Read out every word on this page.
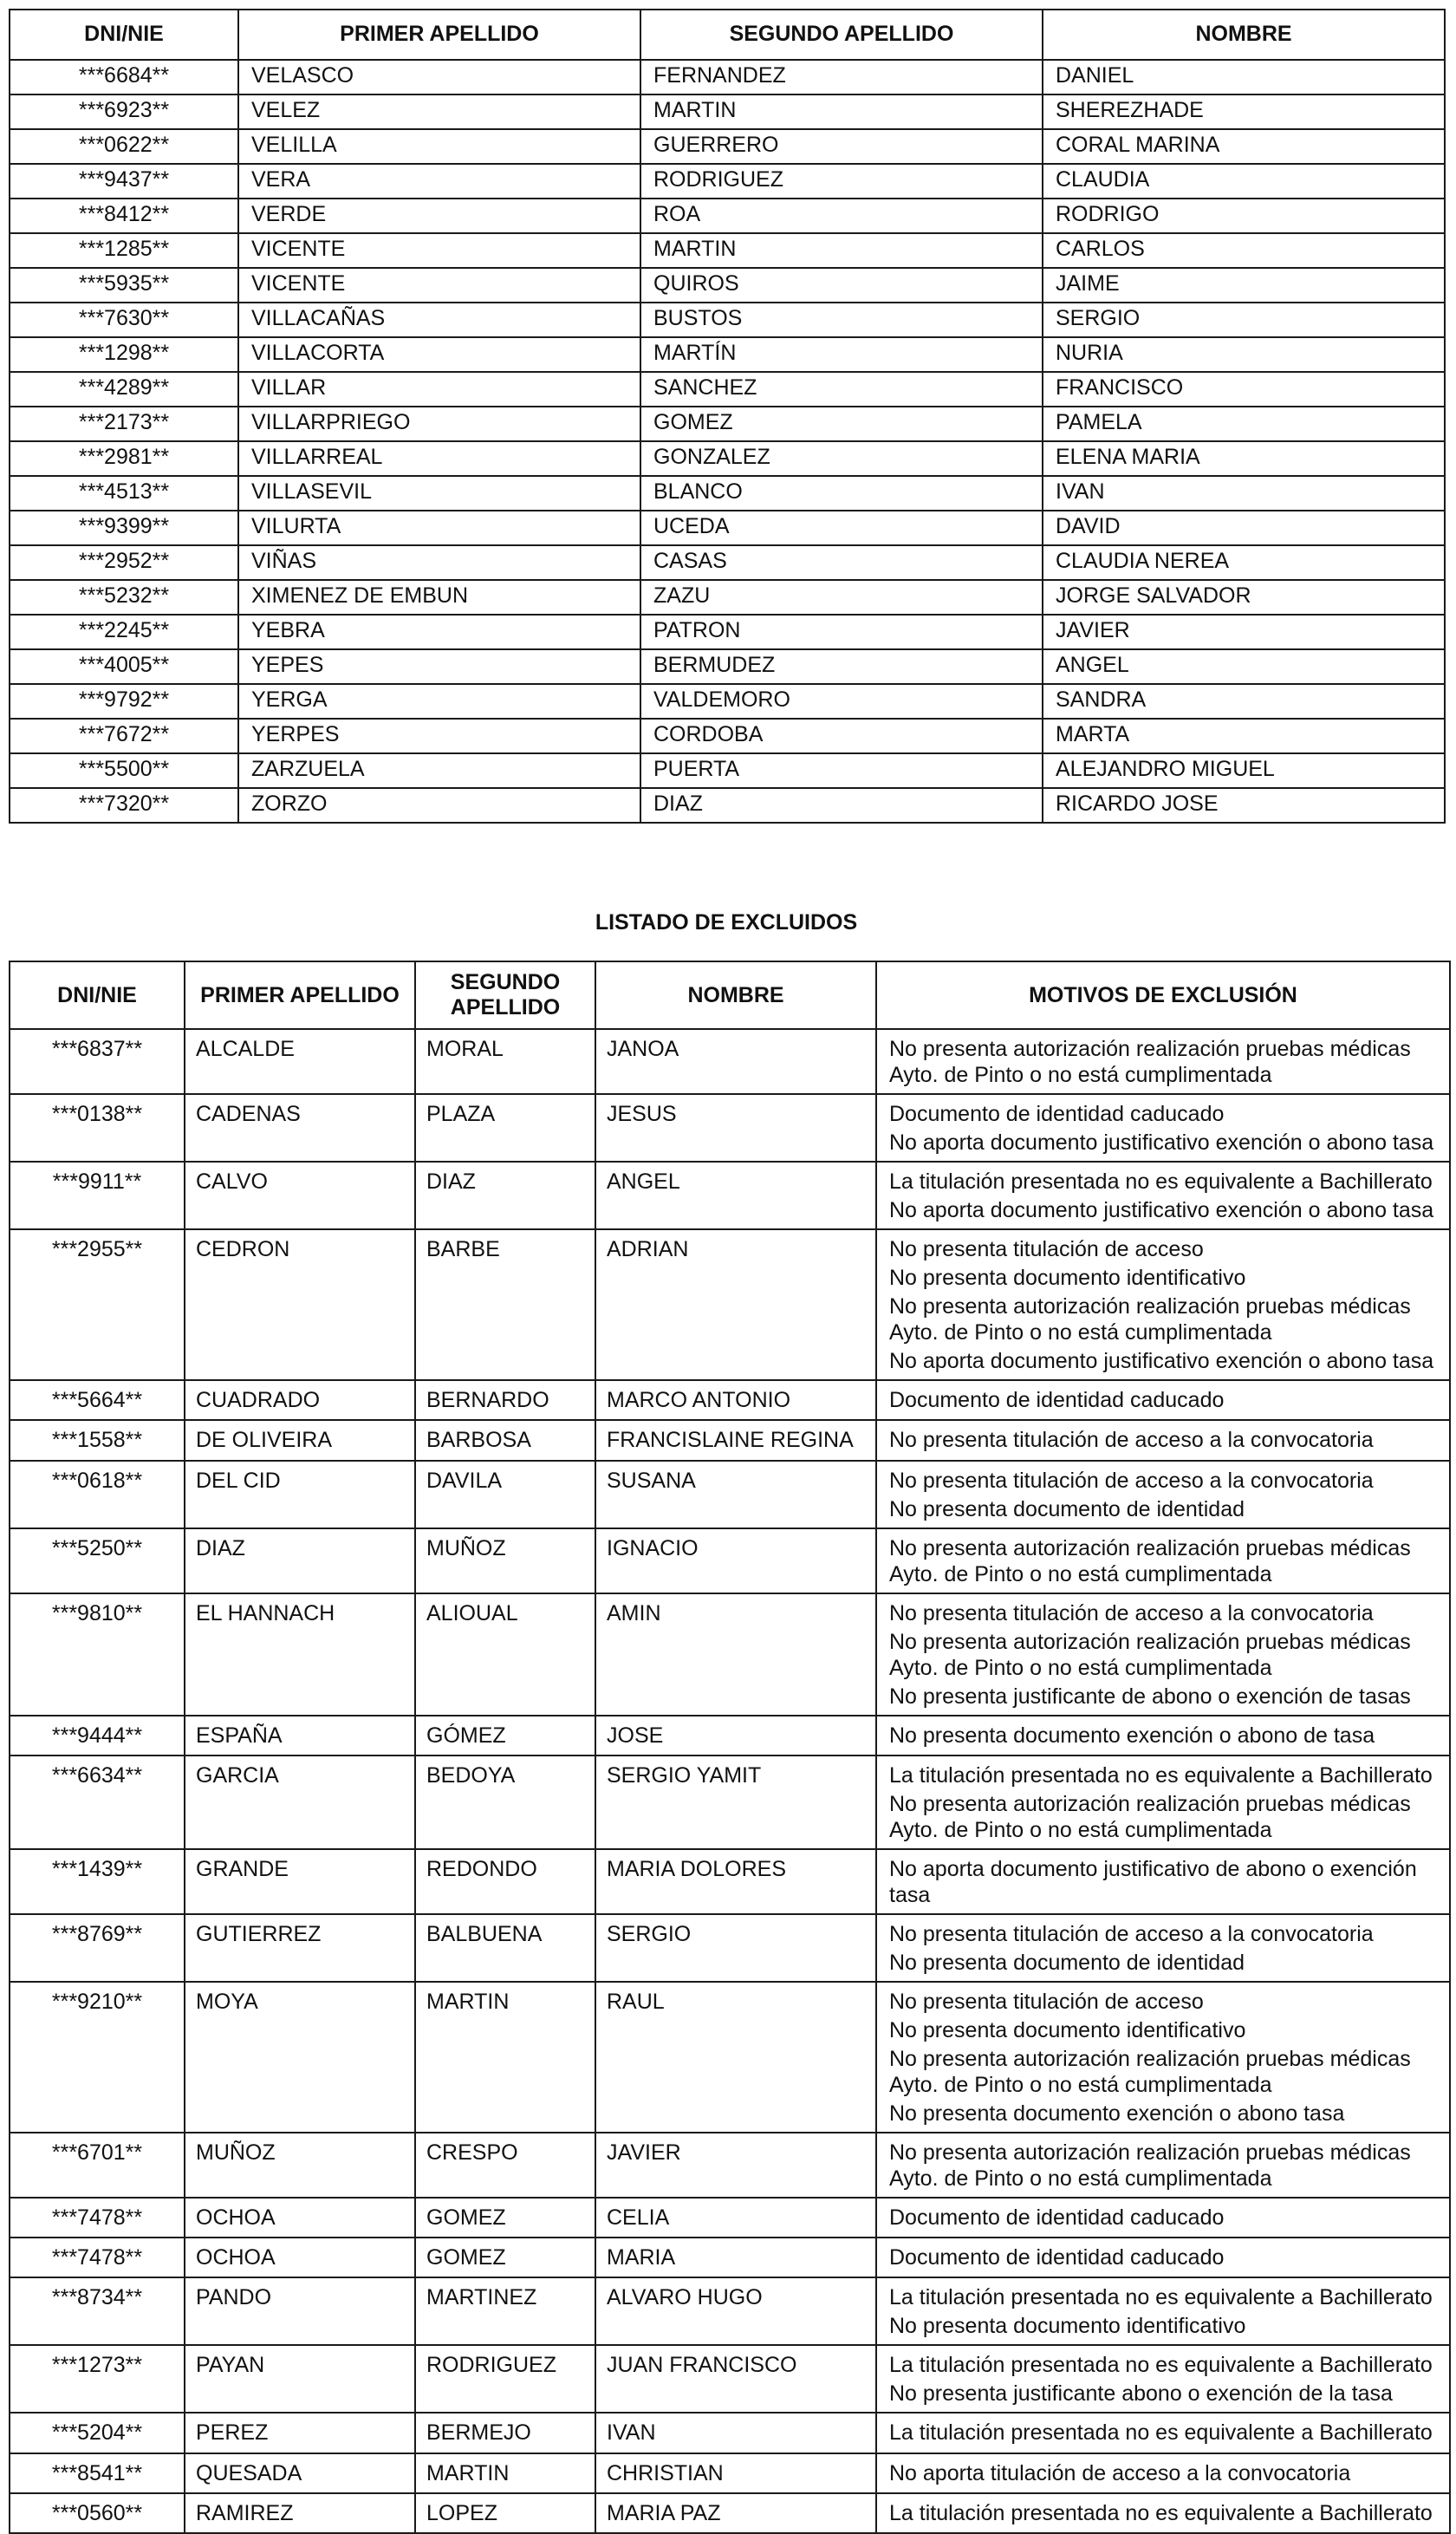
DNI/NIE	PRIMER APELLIDO	SEGUNDO APELLIDO	NOMBRE
***6684**	VELASCO	FERNANDEZ	DANIEL
***6923**	VELEZ	MARTIN	SHEREZHADE
***0622**	VELILLA	GUERRERO	CORAL MARINA
***9437**	VERA	RODRIGUEZ	CLAUDIA
***8412**	VERDE	ROA	RODRIGO
***1285**	VICENTE	MARTIN	CARLOS
***5935**	VICENTE	QUIROS	JAIME
***7630**	VILLACAÑAS	BUSTOS	SERGIO
***1298**	VILLACORTA	MARTÍN	NURIA
***4289**	VILLAR	SANCHEZ	FRANCISCO
***2173**	VILLARPRIEGO	GOMEZ	PAMELA
***2981**	VILLARREAL	GONZALEZ	ELENA MARIA
***4513**	VILLASEVIL	BLANCO	IVAN
***9399**	VILURTA	UCEDA	DAVID
***2952**	VIÑAS	CASAS	CLAUDIA NEREA
***5232**	XIMENEZ DE EMBUN	ZAZU	JORGE SALVADOR
***2245**	YEBRA	PATRON	JAVIER
***4005**	YEPES	BERMUDEZ	ANGEL
***9792**	YERGA	VALDEMORO	SANDRA
***7672**	YERPES	CORDOBA	MARTA
***5500**	ZARZUELA	PUERTA	ALEJANDRO MIGUEL
***7320**	ZORZO	DIAZ	RICARDO JOSE
LISTADO DE EXCLUIDOS
DNI/NIE	PRIMER APELLIDO	SEGUNDO APELLIDO	NOMBRE	MOTIVOS DE EXCLUSIÓN
***6837**	ALCALDE	MORAL	JANOA	No presenta autorización realización pruebas médicas Ayto. de Pinto o no está cumplimentada

***0138**	CADENAS	PLAZA	JESUS	Documento de identidad caducado
No aporta documento justificativo exención o abono tasa

***9911**	CALVO	DIAZ	ANGEL	La titulación presentada no es equivalente a Bachillerato
No aporta documento justificativo exención o abono tasa

***2955**	CEDRON	BARBE	ADRIAN	No presenta titulación de acceso
No presenta documento identificativo
No presenta autorización realización pruebas médicas Ayto. de Pinto o no está cumplimentada
No aporta documento justificativo exención o abono tasa

***5664**	CUADRADO	BERNARDO	MARCO ANTONIO	Documento de identidad caducado

***1558**	DE OLIVEIRA	BARBOSA	FRANCISLAINE REGINA	No presenta titulación de acceso a la convocatoria

***0618**	DEL CID	DAVILA	SUSANA	No presenta titulación de acceso a la convocatoria
No presenta documento de identidad

***5250**	DIAZ	MUÑOZ	IGNACIO	No presenta autorización realización pruebas médicas Ayto. de Pinto o no está cumplimentada

***9810**	EL HANNACH	ALIOUAL	AMIN	No presenta titulación de acceso a la convocatoria
No presenta autorización realización pruebas médicas Ayto. de Pinto o no está cumplimentada
No presenta justificante de abono o exención de tasas

***9444**	ESPAÑA	GÓMEZ	JOSE	No presenta documento exención o abono de tasa

***6634**	GARCIA	BEDOYA	SERGIO YAMIT	La titulación presentada no es equivalente a Bachillerato
No presenta autorización realización pruebas médicas Ayto. de Pinto o no está cumplimentada

***1439**	GRANDE	REDONDO	MARIA DOLORES	No aporta documento justificativo de abono o exención tasa

***8769**	GUTIERREZ	BALBUENA	SERGIO	No presenta titulación de acceso a la convocatoria
No presenta documento de identidad

***9210**	MOYA	MARTIN	RAUL	No presenta titulación de acceso
No presenta documento identificativo
No presenta autorización realización pruebas médicas Ayto. de Pinto o no está cumplimentada
No presenta documento exención o abono tasa

***6701**	MUÑOZ	CRESPO	JAVIER	No presenta autorización realización pruebas médicas Ayto. de Pinto o no está cumplimentada

***7478**	OCHOA	GOMEZ	CELIA	Documento de identidad caducado

***7478**	OCHOA	GOMEZ	MARIA	Documento de identidad caducado

***8734**	PANDO	MARTINEZ	ALVARO HUGO	La titulación presentada no es equivalente a Bachillerato
No presenta documento identificativo

***1273**	PAYAN	RODRIGUEZ	JUAN FRANCISCO	La titulación presentada no es equivalente a Bachillerato
No presenta justificante abono o exención de la tasa

***5204**	PEREZ	BERMEJO	IVAN	La titulación presentada no es equivalente a Bachillerato

***8541**	QUESADA	MARTIN	CHRISTIAN	No aporta titulación de acceso a la convocatoria

***0560**	RAMIREZ	LOPEZ	MARIA PAZ	La titulación presentada no es equivalente a Bachillerato
